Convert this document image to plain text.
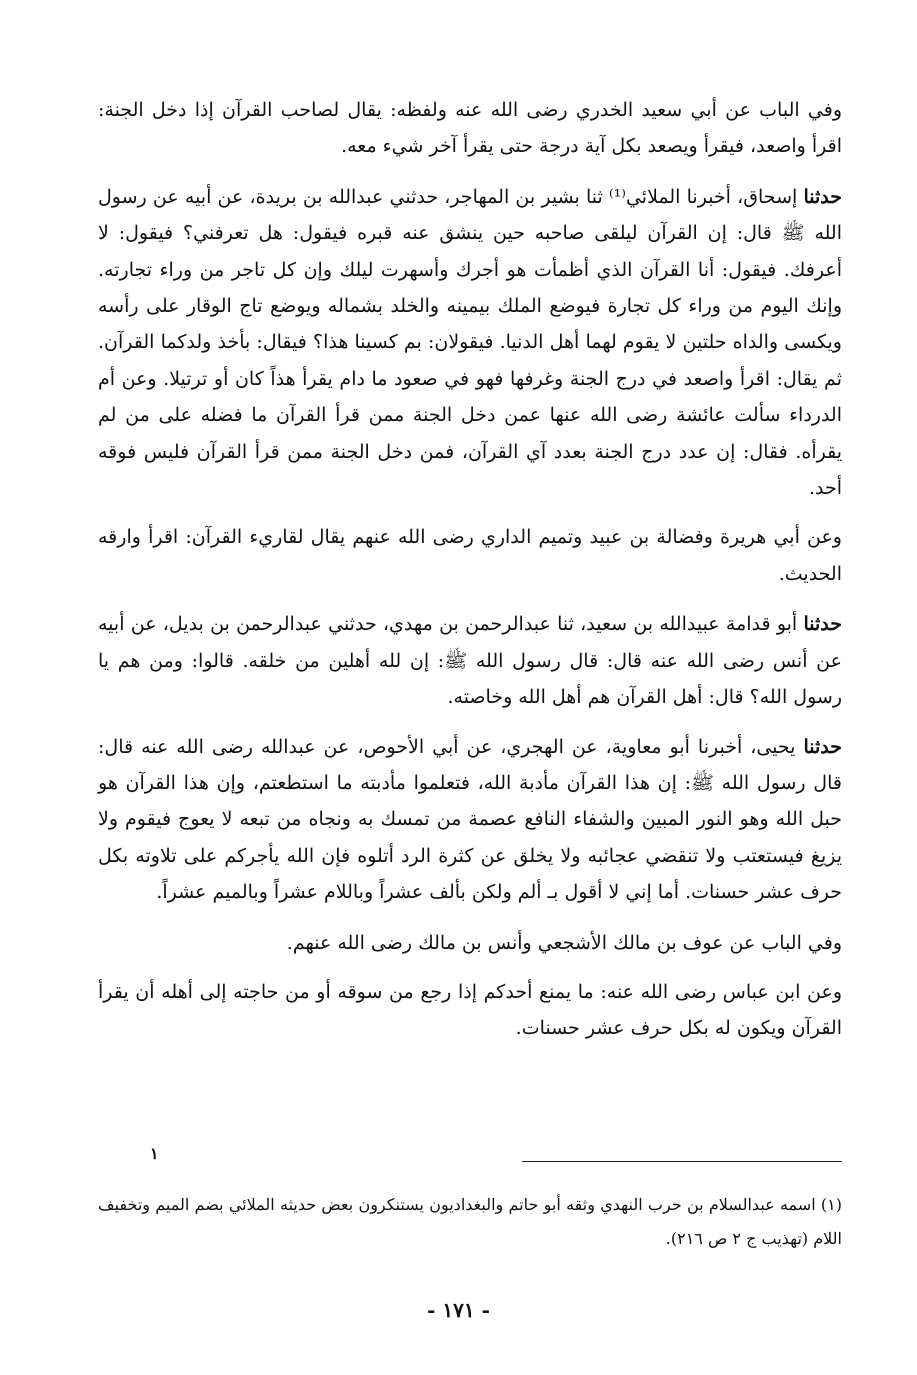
وفي الباب عن أبي سعيد الخدري رضى الله عنه ولفظه: يقال لصاحب القرآن إذا دخل الجنة: اقرأ واصعد، فيقرأ ويصعد بكل آية درجة حتى يقرأ آخر شيء معه.

حدثنا إسحاق، أخبرنا الملائي⁽¹⁾ ثنا بشير بن المهاجر، حدثني عبدالله بن بريدة، عن أبيه عن رسول الله ﷺ قال: إن القرآن ليلقى صاحبه حين ينشق عنه قبره فيقول: هل تعرفني؟ فيقول: لا أعرفك. فيقول: أنا القرآن الذي أظمأت هو أجرك وأسهرت ليلك وإن كل تاجر من وراء تجارته. وإنك اليوم من وراء كل تجارة فيوضع الملك بيمينه والخلد بشماله ويوضع تاج الوقار على رأسه ويكسى والداه حلتين لا يقوم لهما أهل الدنيا. فيقولان: بم كسينا هذا؟ فيقال: بأخذ ولدكما القرآن. ثم يقال: اقرأ واصعد في درج الجنة وغرفها فهو في صعود ما دام يقرأ هذاً كان أو ترتيلا. وعن أم الدرداء سألت عائشة رضى الله عنها عمن دخل الجنة ممن قرأ القرآن ما فضله على من لم يقرأه. فقال: إن عدد درج الجنة بعدد آي القرآن، فمن دخل الجنة ممن قرأ القرآن فليس فوقه أحد.

وعن أبي هريرة وفضالة بن عبيد وتميم الداري رضى الله عنهم يقال لقاريء القرآن: اقرأ وارقه الحديث.

حدثنا أبو قدامة عبيدالله بن سعيد، ثنا عبدالرحمن بن مهدي، حدثني عبدالرحمن بن بديل، عن أبيه عن أنس رضى الله عنه قال: قال رسول الله ﷺ: إن لله أهلين من خلقه. قالوا: ومن هم يا رسول الله؟ قال: أهل القرآن هم أهل الله وخاصته.

حدثنا يحيى، أخبرنا أبو معاوية، عن الهجري، عن أبي الأحوص، عن عبدالله رضى الله عنه قال: قال رسول الله ﷺ: إن هذا القرآن مأدبة الله، فتعلموا مأدبته ما استطعتم، وإن هذا القرآن هو حبل الله وهو النور المبين والشفاء النافع عصمة من تمسك به ونجاه من تبعه لا يعوج فيقوم ولا يزيغ فيستعتب ولا تنقضي عجائبه ولا يخلق عن كثرة الرد أتلوه فإن الله يأجركم على تلاوته بكل حرف عشر حسنات. أما إني لا أقول بـ ألم ولكن بألف عشراً وباللام عشراً وبالميم عشراً.

وفي الباب عن عوف بن مالك الأشجعي وأنس بن مالك رضى الله عنهم.

وعن ابن عباس رضى الله عنه: ما يمنع أحدكم إذا رجع من سوقه أو من حاجته إلى أهله أن يقرأ القرآن ويكون له بكل حرف عشر حسنات.

١

(١) اسمه عبدالسلام بن حرب النهدي وثقه أبو حاتم والبغداديون يستنكرون بعض حديثه الملائي بضم الميم وتخفيف اللام (تهذيب ج ٢ ص ٢١٦).

- ١٧١ -
